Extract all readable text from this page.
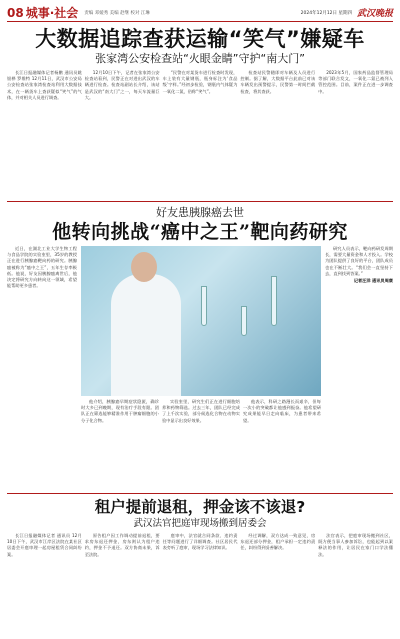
08 城事·社会 责编 邓媛秀 美编 赵继 校对 江琳	2024年12月12日 星期四 武汉晚报
大数据追踪查获运输“笑气”嫌疑车
张家湾公安检查站“火眼金睛”守护“南大门”

长江日报融媒体记者杨鹏 通讯员姚银桦 罗维特 12月11日，武汉市公安局公安检查站张家湾检查站利用大数据技术，在一辆货车上查获疑似“笑气”的气体，并对相关人员进行调查。

12月10日下午，记者在张家湾公安检查站看到，民警正在对进出武汉的车辆进行检查。检查站副站长介绍，该站是武汉的“南大门”之一，每天车流量巨大。

“民警在对某货车进行检查时发现，车上装有大量钢瓶，瓶身标注为‘食品级’字样。”经初步检验，钢瓶内气体疑为一氧化二氮，俗称“笑气”。

检查站民警随即对车辆及人员进行控制。据了解，大数据平台此前已对该车辆发出预警提示，民警第一时间拦截检查，将其查获。

2023年5月，国家药品监督管理局等部门联合发文，一氧化二氮已被列入管控范围。目前，案件正在进一步调查中。

好友患胰腺癌去世
他转向挑战“癌中之王”靶向药研究

近日，在湖北工业大学生物工程与食品学院的实验室里，35岁的教授正在进行胰腺癌靶向药的研究。胰腺癌被称为“癌中之王”，五年生存率极低。他说，好友因胰腺癌离世后，他决定将研究方向转向这一领域，希望能帮助更多患者。

他介绍，胰腺癌早期症状隐匿，确诊时大多已到晚期，现有治疗手段有限。团队正在筛选能够精准作用于肿瘤细胞的小分子化合物。

实验室里，研究生们正在进行细胞培养和药物筛选。过去三年，团队已经完成了上千次实验，部分候选化合物在动物实验中显示出良好效果。

他表示，科研之路漫长而艰辛，但每一次小的突破都让他感到振奋。他希望研究成果能早日走向临床，为患者带来希望。

研究人员表示，靶向药研发周期长，需要大量资金和人才投入。学校为团队提供了良好的平台，团队成员也在不断壮大。“我们会一直坚持下去，直到找到答案。”

记者汪洋 通讯员周康
租户提前退租，押金该不该退?
武汉法官把庭审现场搬到居委会

长江日报融媒体记者 通讯员 12月10日下午，武汉市江岸区法院在某社区居委会开庭审理一起房屋租赁合同纠纷案。

原告租户因工作调动提前退租，要求房东退还押金，房东则认为租户违约，押金不予退还。双方协商未果，诉至法院。

庭审中，法官就合同条款、违约责任等问题进行了详细调查。社区居民代表旁听了庭审，现场学习法律知识。

经过调解，双方达成一致意见，房东退还部分押金，租户承担一定违约责任，纠纷得到妥善解决。

法官表示，把庭审现场搬到社区，既方便当事人参加诉讼，也能起到以案释法的作用，让居民在家门口学法懂法。
